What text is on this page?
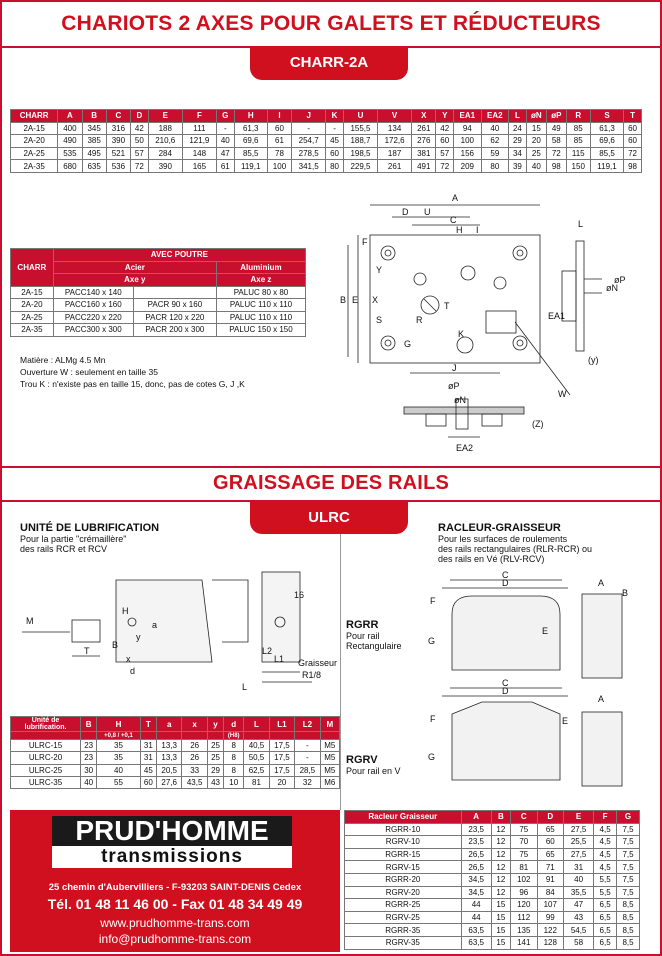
CHARIOTS 2 AXES POUR GALETS ET RÉDUCTEURS
CHARR-2A
CHARR	A	B	C	D	E	F	G	H	I	J	K	U	V	X	Y	EA1	EA2	L	øN	øP	R	S	T
2A-15	400	345	316	42	188	111	-	61,3	60	-	-	155,5	134	261	42	94	40	24	15	49	85	61,3	60
2A-20	490	385	390	50	210,6	121,9	40	69,6	61	254,7	45	188,7	172,6	276	60	100	62	29	20	58	85	69,6	60
2A-25	535	495	521	57	284	148	47	85,5	78	278,5	60	198,5	187	381	57	156	59	34	25	72	115	85,5	72
2A-35	680	635	536	72	390	165	61	119,1	100	341,5	80	229,5	261	491	72	209	80	39	40	98	150	119,1	98
CHARR	AVEC POUTRE		
	Acier		Aluminium
	Axe y		Axe z
2A-15	PACC140 x 140		PALUC 80 x 80
2A-20	PACC160 x 160	PACR 90 x 160	PALUC 110 x 110
2A-25	PACC220 x 220	PACR 120 x 220	PALUC 110 x 110
2A-35	PACC300 x 300	PACR 200 x 300	PALUC 150 x 150
Matière : ALMg 4.5 Mn
Ouverture W : seulement en taille 35
Trou K : n'existe pas en taille 15, donc, pas de cotes G, J ,K
A
U
C
D
H I
F
Y
B E X
S	R
T
G
K
J
L
øN
øP
EA1
(y)
W
øP
øN
(Z)
EA2
GRAISSAGE DES RAILS
ULRC
UNITÉ DE LUBRIFICATION
Pour la partie "crémaillère"
des rails RCR et RCV
M
T
H
B
y
a
x
d
L1
L2
L
16
Graisseur
R1/8
RACLEUR-GRAISSEUR
Pour les surfaces de roulements
des rails rectangulaires (RLR-RCR) ou
des rails en Vé (RLV-RCV)
RGRR
Pour rail
Rectangulaire
RGRV
Pour rail en V
C
D	A
B
F
G
E
C
D
A
F
G
E
Unité de lubrification.	B	H	T	a	x	y	d	L	L1	L2	M
		+0,8 / +0,1					(H8)				
ULRC-15	23	35	31	13,3	26	25	8	40,5	17,5	-	M5
ULRC-20	23	35	31	13,3	26	25	8	50,5	17,5	-	M5
ULRC-25	30	40	45	20,5	33	29	8	62,5	17,5	28,5	M5
ULRC-35	40	55	60	27,6	43,5	43	10	81	20	32	M6
PRUD'HOMME
transmissions
25 chemin d'Aubervilliers - F-93203 SAINT-DENIS Cedex
Tél. 01 48 11 46 00 - Fax 01 48 34 49 49
www.prudhomme-trans.com
info@prudhomme-trans.com
Racleur Graisseur	A	B	C	D	E	F	G
RGRR-10	23,5	12	75	65	27,5	4,5	7,5
RGRV-10	23,5	12	70	60	25,5	4,5	7,5
RGRR-15	26,5	12	75	65	27,5	4,5	7,5
RGRV-15	26,5	12	81	71	31	4,5	7,5
RGRR-20	34,5	12	102	91	40	5,5	7,5
RGRV-20	34,5	12	96	84	35,5	5,5	7,5
RGRR-25	44	15	120	107	47	6,5	8,5
RGRV-25	44	15	112	99	43	6,5	8,5
RGRR-35	63,5	15	135	122	54,5	6,5	8,5
RGRV-35	63,5	15	141	128	58	6,5	8,5
